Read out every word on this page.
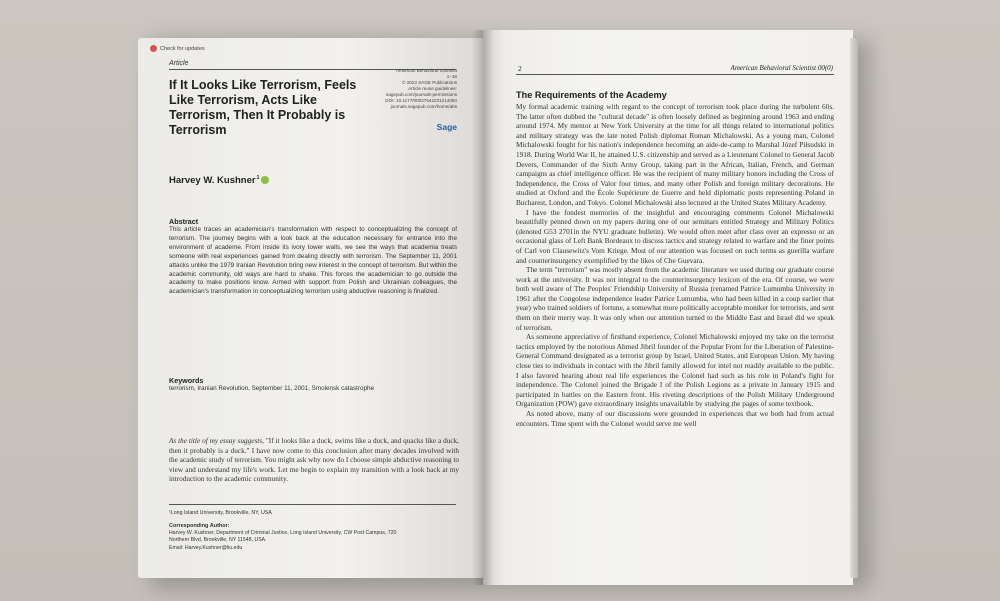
Check for updates
Article
If It Looks Like Terrorism, Feels Like Terrorism, Acts Like Terrorism, Then It Probably is Terrorism
American Behavioral Scientist
1–18
© 2023 SAGE Publications
Article reuse guidelines:
sagepub.com/journals-permissions
DOI: 10.1177/00027642231214093
journals.sagepub.com/home/abs
Sage
Harvey W. Kushner$^1$
Abstract
This article traces an academician's transformation with respect to conceptualizing the concept of terrorism. The journey begins with a look back at the education necessary for entrance into the environment of academe. From inside its ivory tower walls, we see the ways that academia treats someone with real experiences gained from dealing directly with terrorism. The September 11, 2001 attacks unlike the 1979 Iranian Revolution bring new interest in the concept of terrorism. But within the academic community, old ways are hard to shake. This forces the academician to go outside the academy to make positions know. Armed with support from Polish and Ukrainian colleagues, the academician's transformation in conceptualizing terrorism using abductive reasoning is finalized.
Keywords
terrorism, Iranian Revolution, September 11, 2001, Smolensk catastrophe
As the title of my essay suggests, "If it looks like a duck, swims like a duck, and quacks like a duck, then it probably is a duck." I have now come to this conclusion after many decades involved with the academic study of terrorism. You might ask why now do I choose simple abductive reasoning to view and understand my life's work. Let me begin to explain my transition with a look back at my introduction to the academic community.
¹Long Island University, Brookville, NY, USA
Corresponding Author:
Harvey W. Kushner, Department of Criminal Justice, Long Island University, CW Post Campus, 720
Northern Blvd, Brookville, NY 11548, USA.
Email: Harvey.Kushner@liu.edu
2	American Behavioral Scientist 00(0)
The Requirements of the Academy

My formal academic training with regard to the concept of terrorism took place during the turbulent 60s. The latter often dubbed the "cultural decade" is often loosely defined as beginning around 1963 and ending around 1974. My mentor at New York University at the time for all things related to international politics and military strategy was the late noted Polish diplomat Roman Michalowski. As a young man, Colonel Michalowski fought for his nation's independence becoming an aide-de-camp to Marshal Józef Piłsudski in 1918. During World War II, he attained U.S. citizenship and served as a Lieutenant Colonel to General Jacob Devers, Commander of the Sixth Army Group, taking part in the African, Italian, French, and German campaigns as chief intelligence officer. He was the recipient of many military honors including the Cross of Independence, the Cross of Valor four times, and many other Polish and foreign military decorations. He studied at Oxford and the École Supérieure de Guerre and held diplomatic posts representing Poland in Bucharest, London, and Tokyo. Colonel Michalowski also lectured at the United States Military Academy.

I have the fondest memories of the insightful and encouraging comments Colonel Michalowski beautifully penned down on my papers during one of our seminars entitled Strategy and Military Politics (denoted G53 2701in the NYU graduate bulletin). We would often meet after class over an expresso or an occasional glass of Left Bank Bordeaux to discuss tactics and strategy related to warfare and the finer points of Carl von Clausewitz's Vom Kriege. Most of our attention was focused on such terms as guerilla warfare and counterinsurgency exemplified by the likes of Che Guevara.

The term "terrorism" was mostly absent from the academic literature we used during our graduate course work at the university. It was not integral to the counterinsurgency lexicon of the era. Of course, we were both well aware of The Peoples' Friendship University of Russia (renamed Patrice Lumumba University in 1961 after the Congolese independence leader Patrice Lumumba, who had been killed in a coup earlier that year) who trained soldiers of fortune, a somewhat more politically acceptable moniker for terrorists, and sent them on their merry way. It was only when our attention turned to the Middle East and Israel did we speak of terrorism.

As someone appreciative of firsthand experience, Colonel Michalowski enjoyed my take on the terrorist tactics employed by the notorious Ahmed Jibril founder of the Popular Front for the Liberation of Palestine-General Command designated as a terrorist group by Israel, United States, and European Union. My having close ties to individuals in contact with the Jibril family allowed for intel not readily available to the public. I also favored hearing about real life experiences the Colonel had such as his role in Poland's fight for independence. The Colonel joined the Brigade I of the Polish Legions as a private in January 1915 and participated in battles on the Eastern front. His riveting descriptions of the Polish Military Underground Organization (POW) gave extraordinary insights unavailable by studying the pages of some textbook.

As noted above, many of our discussions were grounded in experiences that we both had from actual encounters. Time spent with the Colonel would serve me well
